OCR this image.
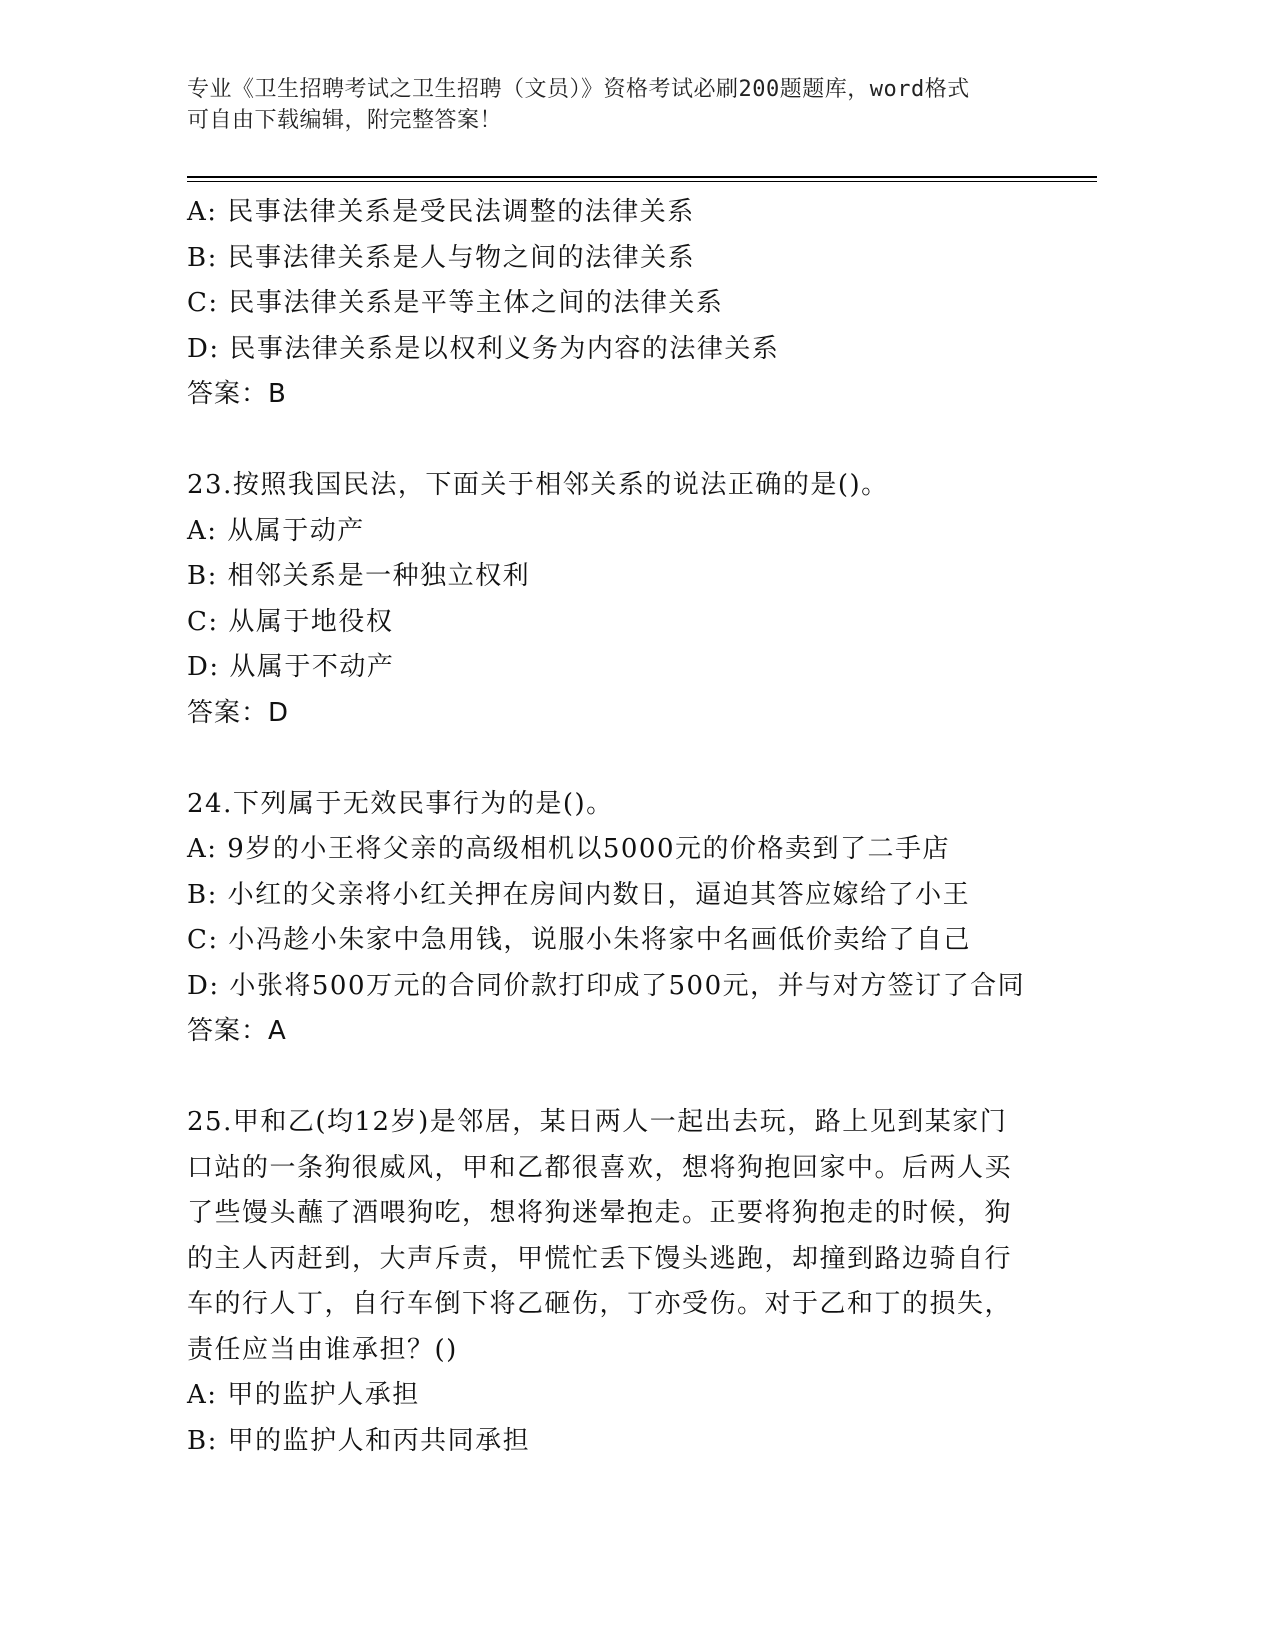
专业《卫生招聘考试之卫生招聘（文员）》资格考试必刷200题题库，word格式
可自由下载编辑，附完整答案！
A: 民事法律关系是受民法调整的法律关系
B: 民事法律关系是人与物之间的法律关系
C: 民事法律关系是平等主体之间的法律关系
D: 民事法律关系是以权利义务为内容的法律关系
答案：B
23.按照我国民法，下面关于相邻关系的说法正确的是()。
A: 从属于动产
B: 相邻关系是一种独立权利
C: 从属于地役权
D: 从属于不动产
答案：D
24.下列属于无效民事行为的是()。
A: 9岁的小王将父亲的高级相机以5000元的价格卖到了二手店
B: 小红的父亲将小红关押在房间内数日，逼迫其答应嫁给了小王
C: 小冯趁小朱家中急用钱，说服小朱将家中名画低价卖给了自己
D: 小张将500万元的合同价款打印成了500元，并与对方签订了合同
答案：A
25.甲和乙(均12岁)是邻居，某日两人一起出去玩，路上见到某家门
口站的一条狗很威风，甲和乙都很喜欢，想将狗抱回家中。后两人买
了些馒头蘸了酒喂狗吃，想将狗迷晕抱走。正要将狗抱走的时候，狗
的主人丙赶到，大声斥责，甲慌忙丢下馒头逃跑，却撞到路边骑自行
车的行人丁，自行车倒下将乙砸伤，丁亦受伤。对于乙和丁的损失，
责任应当由谁承担？()
A: 甲的监护人承担
B: 甲的监护人和丙共同承担
